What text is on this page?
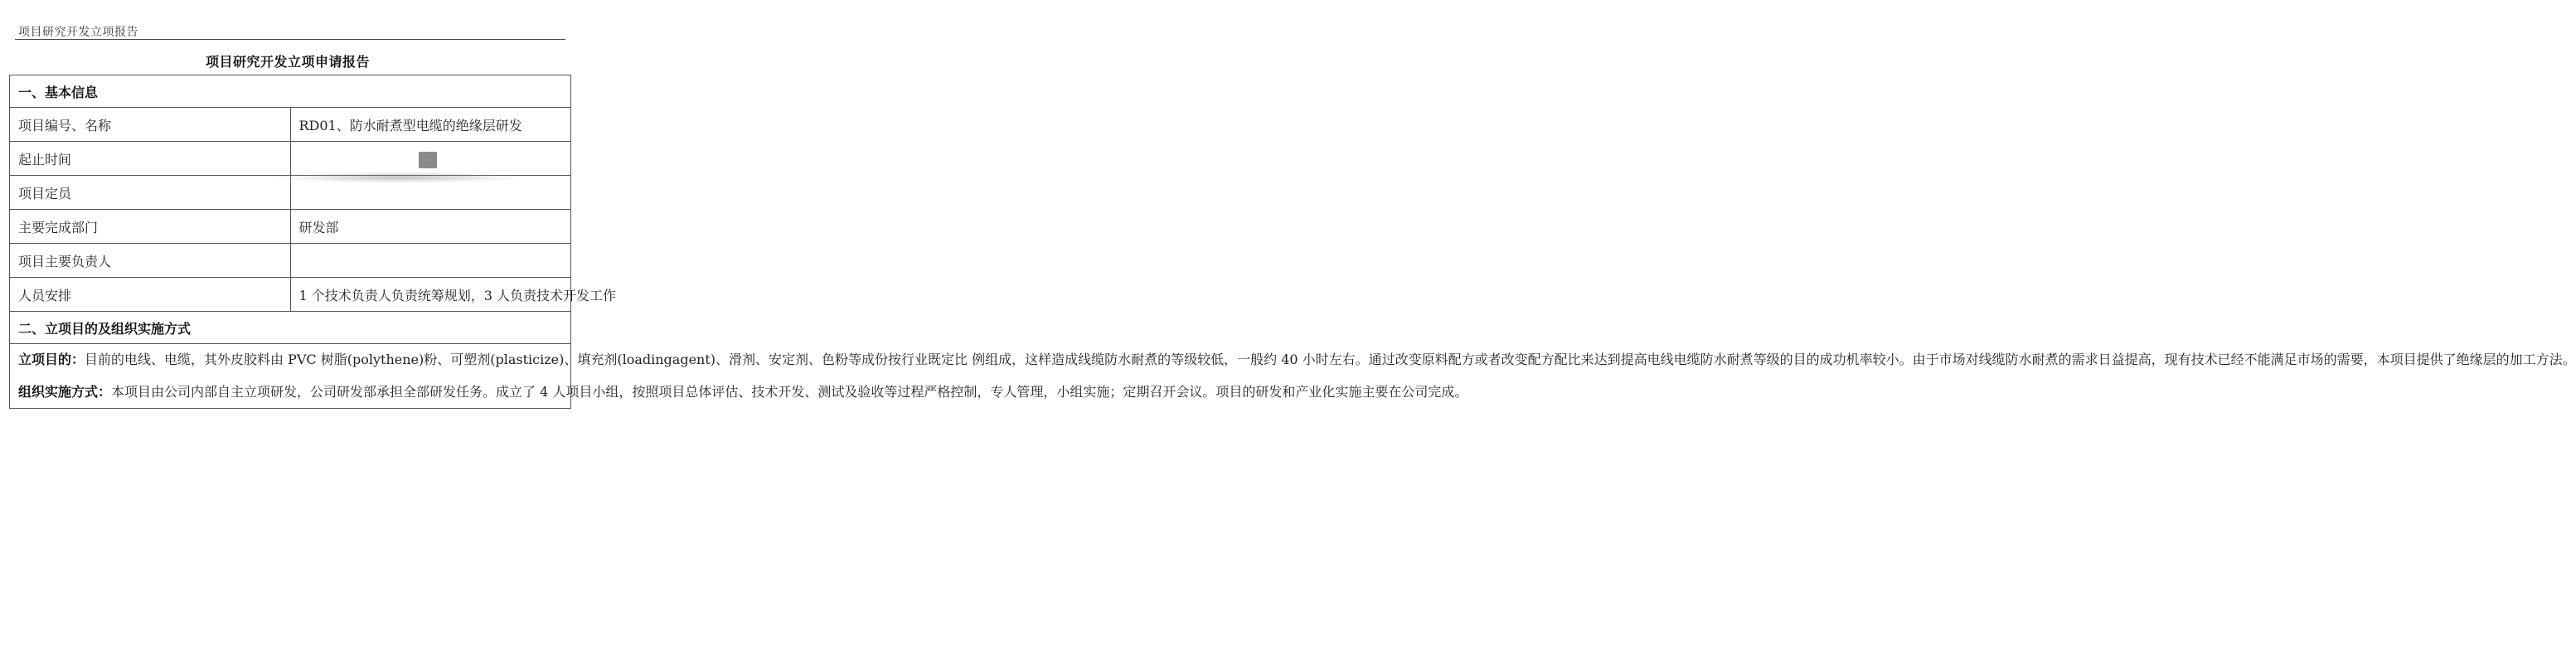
项目研究开发立项报告
项目研究开发立项申请报告
一、基本信息	
项目编号、名称	RD01、防水耐煮型电缆的绝缘层研发
起止时间	

项目定员	
主要完成部门	研发部
项目主要负责人	
人员安排	1 个技术负责人负责统筹规划，3 人负责技术开发工作
二、立项目的及组织实施方式	

立项目的：目前的电线、电缆，其外皮胶料由 PVC 树脂(polythene)粉、可塑剂(plasticize)、填充剂(loadingagent)、滑剂、安定剂、色粉等成份按行业既定比 例组成，这样造成线缆防水耐煮的等级较低，一般约 40 小时左右。通过改变原料配方或者改变配方配比来达到提高电线电缆防水耐煮等级的目的成功机率较小。由于市场对线缆防水耐煮的需求日益提高，现有技术已经不能满足市场的需要，本项目提供了绝缘层的加工方法。

组织实施方式：本项目由公司内部自主立项研发，公司研发部承担全部研发任务。成立了 4 人项目小组，按照项目总体评估、技术开发、测试及验收等过程严格控制，专人管理，小组实施；定期召开会议。项目的研发和产业化实施主要在公司完成。	
